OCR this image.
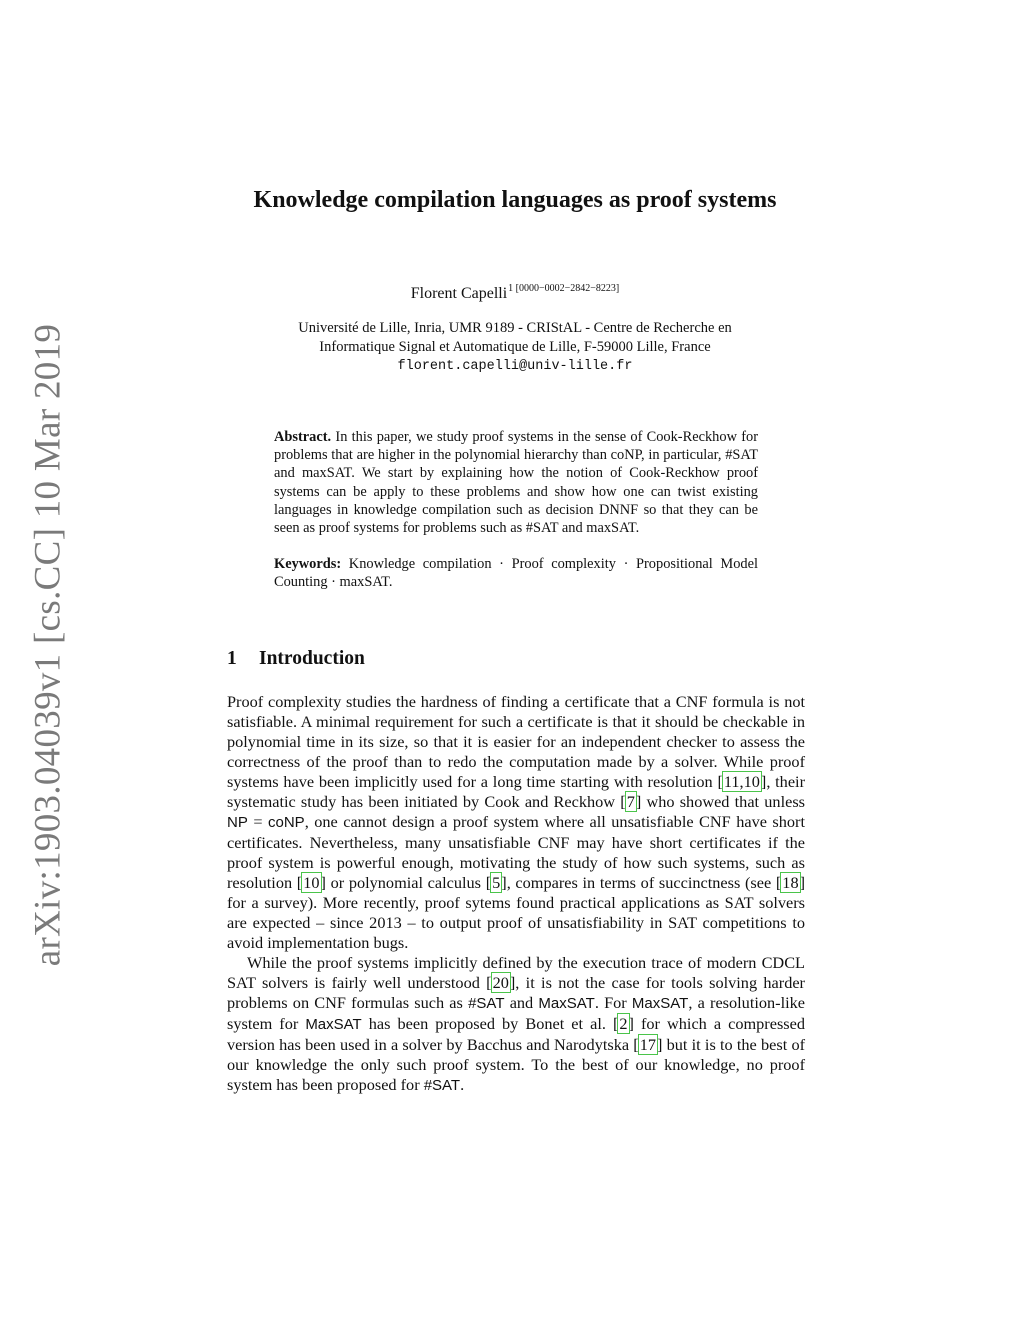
arXiv:1903.04039v1 [cs.CC] 10 Mar 2019
Knowledge compilation languages as proof systems
Florent Capelli$^{1 [0000-0002-2842-8223]}$
Université de Lille, Inria, UMR 9189 - CRIStAL - Centre de Recherche en
Informatique Signal et Automatique de Lille, F-59000 Lille, France
florent.capelli@univ-lille.fr

Abstract. In this paper, we study proof systems in the sense of Cook-Reckhow for problems that are higher in the polynomial hierarchy than coNP, in particular, #SAT and maxSAT. We start by explaining how the notion of Cook-Reckhow proof systems can be apply to these problems and show how one can twist existing languages in knowledge compilation such as decision DNNF so that they can be seen as proof systems for problems such as #SAT and maxSAT.

Keywords: Knowledge compilation · Proof complexity · Propositional Model Counting · maxSAT.

1 Introduction

Proof complexity studies the hardness of finding a certificate that a CNF formula is not satisfiable. A minimal requirement for such a certificate is that it should be checkable in polynomial time in its size, so that it is easier for an independent checker to assess the correctness of the proof than to redo the computation made by a solver. While proof systems have been implicitly used for a long time starting with resolution [11,10], their systematic study has been initiated by Cook and Reckhow [7] who showed that unless NP = coNP, one cannot design a proof system where all unsatisfiable CNF have short certificates. Nevertheless, many unsatisfiable CNF may have short certificates if the proof system is powerful enough, motivating the study of how such systems, such as resolution [10] or polynomial calculus [5], compares in terms of succinctness (see [18] for a survey). More recently, proof sytems found practical applications as SAT solvers are expected – since 2013 – to output proof of unsatisfiability in SAT competitions to avoid implementation bugs.

While the proof systems implicitly defined by the execution trace of modern CDCL SAT solvers is fairly well understood [20], it is not the case for tools solving harder problems on CNF formulas such as #SAT and MaxSAT. For MaxSAT, a resolution-like system for MaxSAT has been proposed by Bonet et al. [2] for which a compressed version has been used in a solver by Bacchus and Narodytska [17] but it is to the best of our knowledge the only such proof system. To the best of our knowledge, no proof system has been proposed for #SAT.
